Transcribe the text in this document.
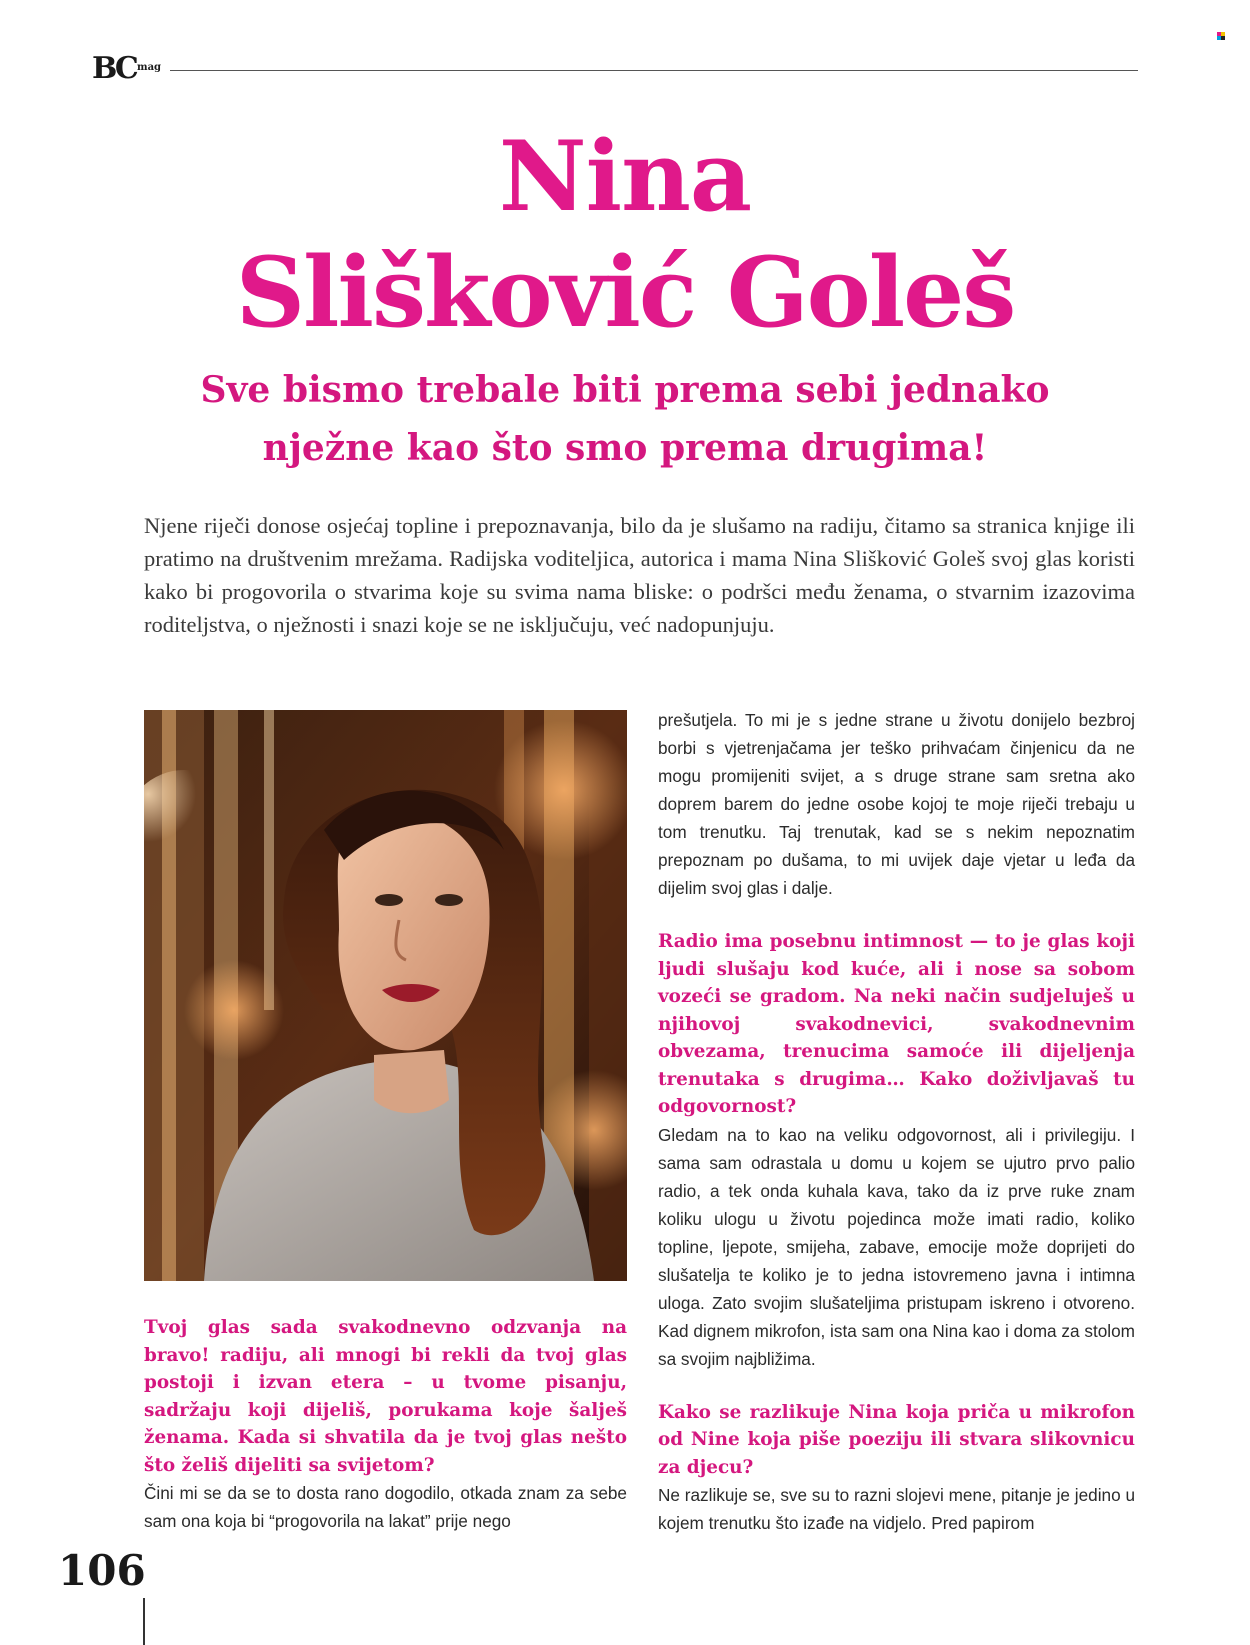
BC mag
Nina
Slišković Goleš
Sve bismo trebale biti prema sebi jednako
nježne kao što smo prema drugima!

Njene riječi donose osjećaj topline i prepoznavanja, bilo da je slušamo na radiju, čitamo sa stranica knjige ili pratimo na društvenim mrežama. Radijska voditeljica, autorica i mama Nina Slišković Goleš svoj glas koristi kako bi progovorila o stvarima koje su svima nama bliske: o podršci među ženama, o stvarnim izazovima roditeljstva, o nježnosti i snazi koje se ne isključuju, već nadopunjuju.

Tvoj glas sada svakodnevno odzvanja na bravo! radiju, ali mnogi bi rekli da tvoj glas postoji i izvan etera – u tvome pisanju, sadržaju koji dijeliš, porukama koje šalješ ženama. Kada si shvatila da je tvoj glas nešto što želiš dijeliti sa svijetom?

Čini mi se da se to dosta rano dogodilo, otkada znam za sebe sam ona koja bi “progovorila na lakat” prije nego

prešutjela. To mi je s jedne strane u životu donijelo bezbroj borbi s vjetrenjačama jer teško prihvaćam činjenicu da ne mogu promijeniti svijet, a s druge strane sam sretna ako doprem barem do jedne osobe kojoj te moje riječi trebaju u tom trenutku. Taj trenutak, kad se s nekim nepoznatim prepoznam po dušama, to mi uvijek daje vjetar u leđa da dijelim svoj glas i dalje.

Radio ima posebnu intimnost — to je glas koji ljudi slušaju kod kuće, ali i nose sa sobom vozeći se gradom. Na neki način sudjeluješ u njihovoj svakodnevici, svakodnevnim obvezama, trenucima samoće ili dijeljenja trenutaka s drugima… Kako doživljavaš tu odgovornost?

Gledam na to kao na veliku odgovornost, ali i privilegiju. I sama sam odrastala u domu u kojem se ujutro prvo palio radio, a tek onda kuhala kava, tako da iz prve ruke znam koliku ulogu u životu pojedinca može imati radio, koliko topline, ljepote, smijeha, zabave, emocije može doprijeti do slušatelja te koliko je to jedna istovremeno javna i intimna uloga. Zato svojim slušateljima pristupam iskreno i otvoreno. Kad dignem mikrofon, ista sam ona Nina kao i doma za stolom sa svojim najbližima.

Kako se razlikuje Nina koja priča u mikrofon od Nine koja piše poeziju ili stvara slikovnicu za djecu?

Ne razlikuje se, sve su to razni slojevi mene, pitanje je jedino u kojem trenutku što izađe na vidjelo. Pred papirom

106
